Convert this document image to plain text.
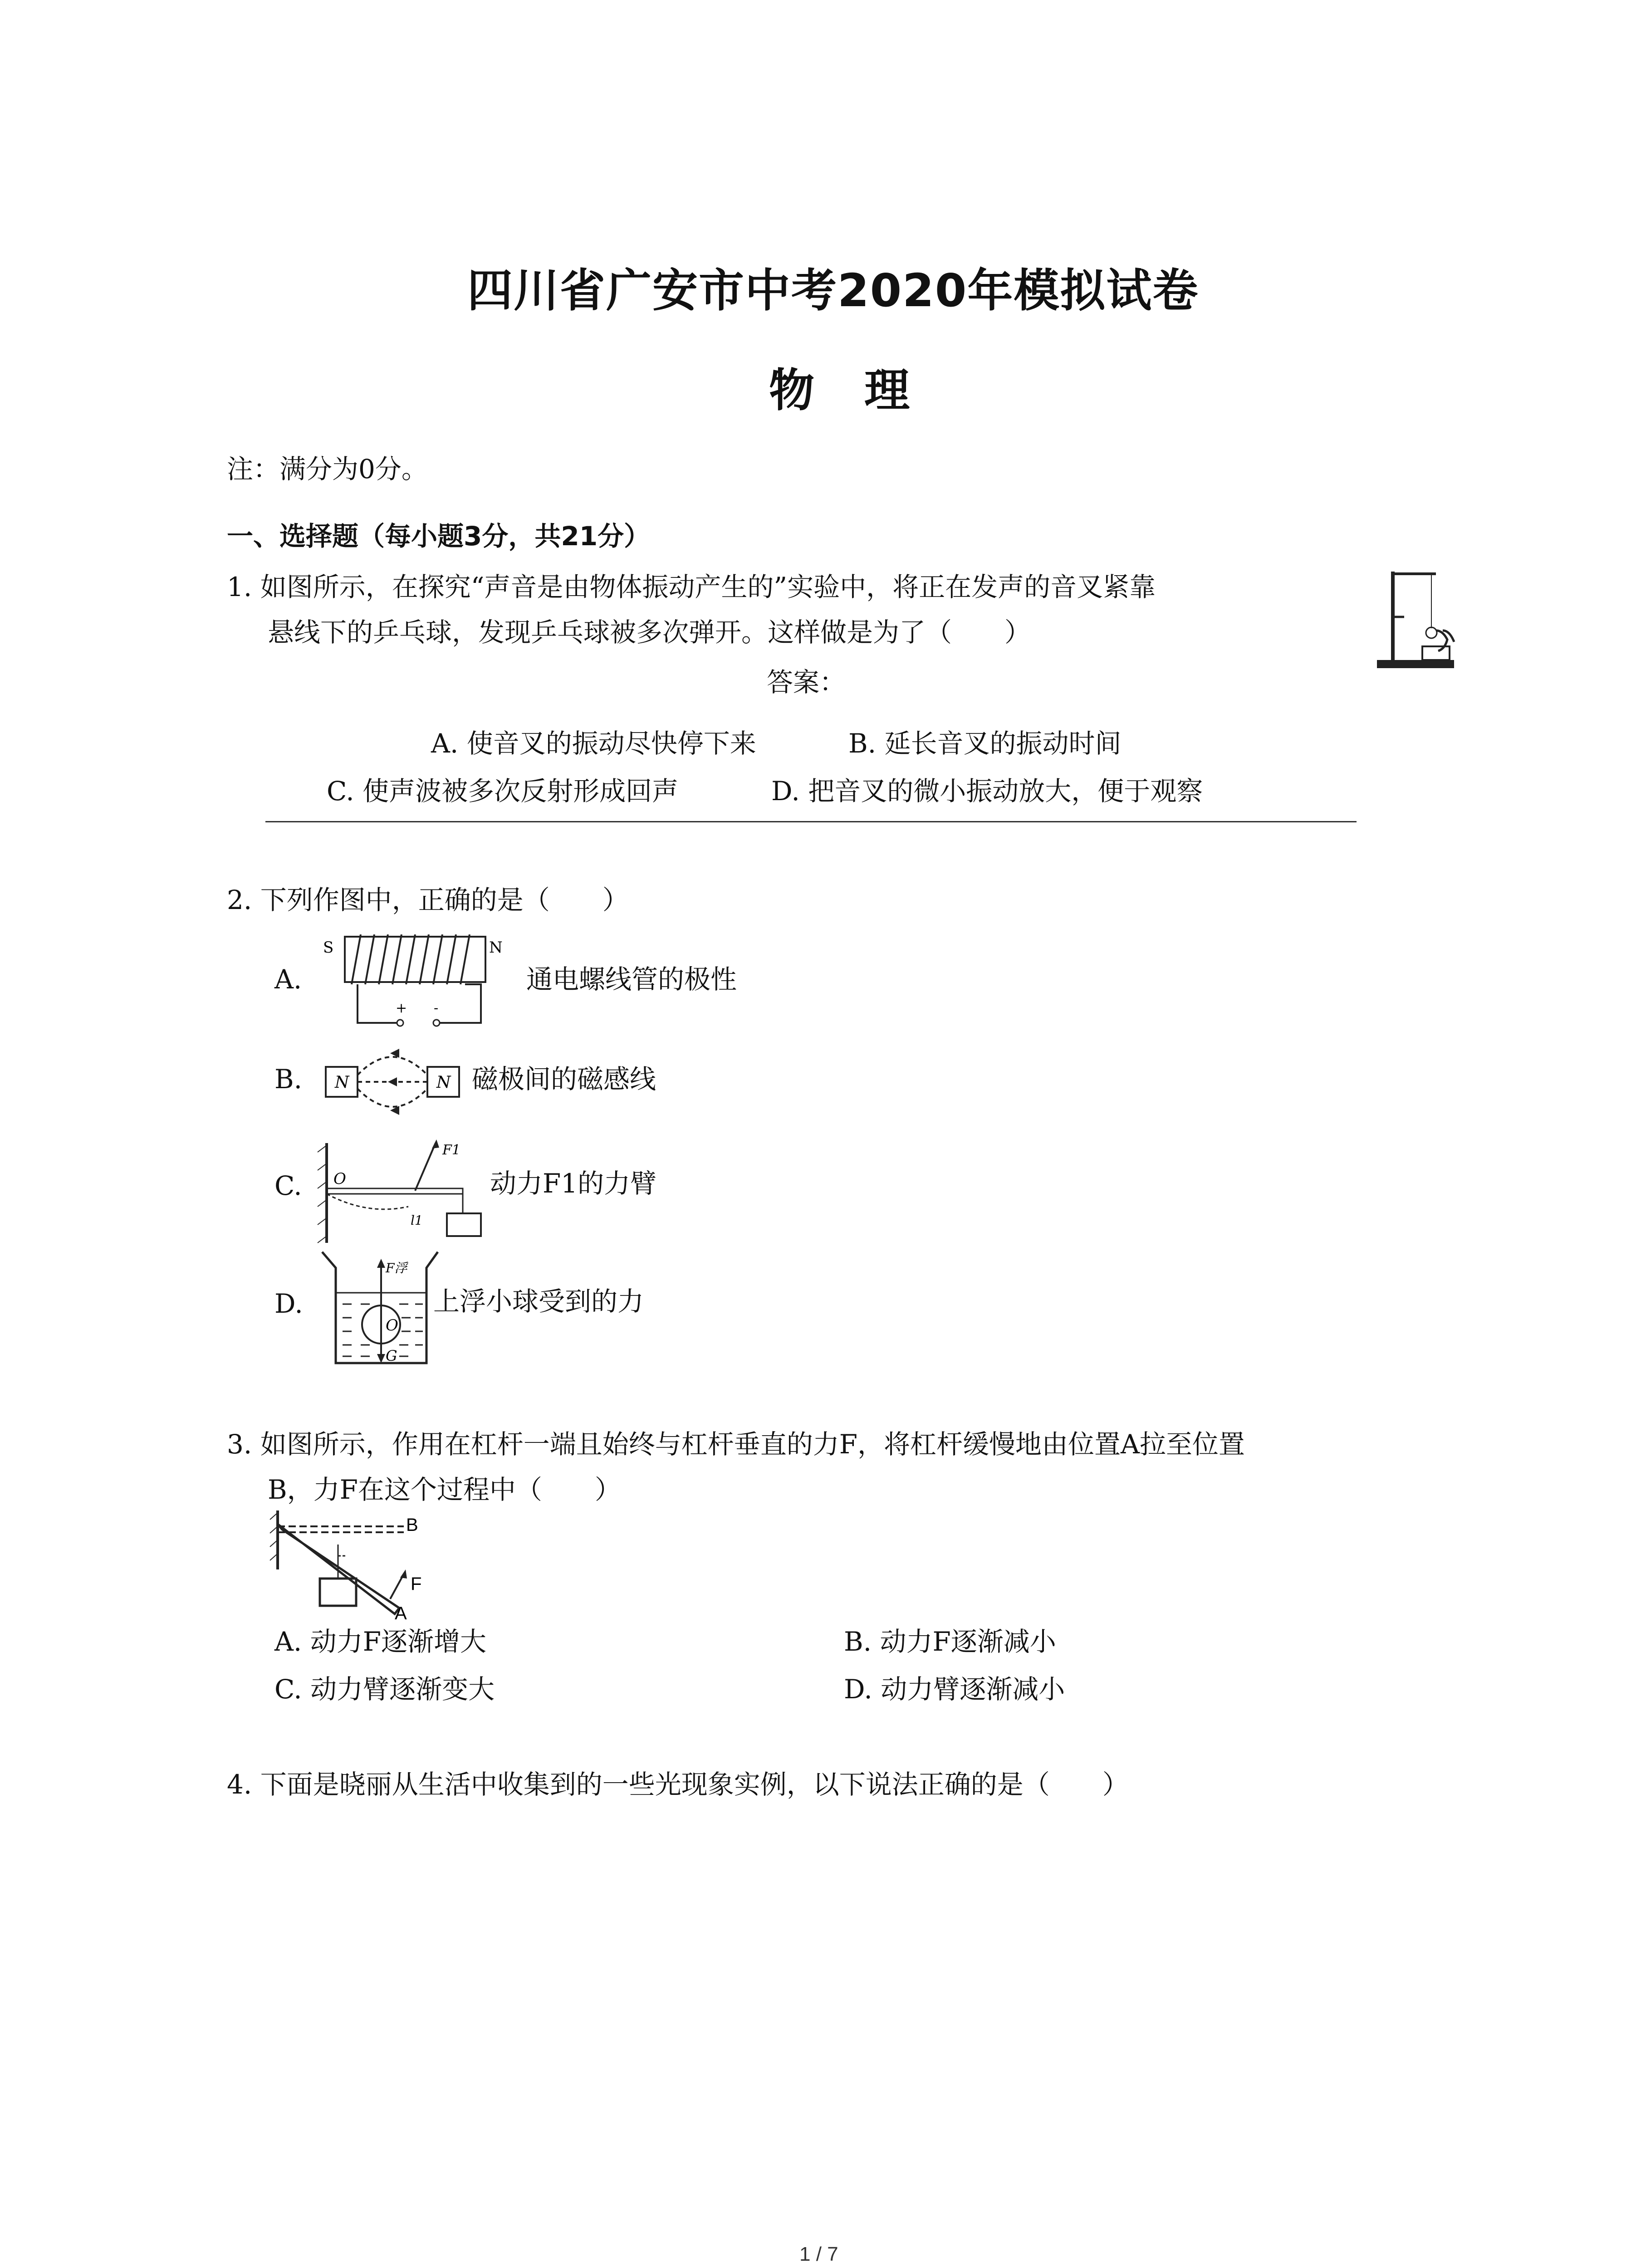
四川省广安市中考2020年模拟试卷
物理
注：满分为0分。
一、选择题（每小题3分，共21分）
1. 如图所示，在探究“声音是由物体振动产生的”实验中，将正在发声的音叉紧靠
悬线下的乒乓球，发现乒乓球被多次弹开。这样做是为了（　　）
答案：
A. 使音叉的振动尽快停下来	B. 延长音叉的振动时间
C. 使声波被多次反射形成回声	D. 把音叉的微小振动放大，便于观察
2. 下列作图中，正确的是（　　）
A.
S	N
+ -
通电螺线管的极性
B. N	N 磁极间的磁感线
C. O
F1
l1
动力F1的力臂
D.
F浮
O
G
上浮小球受到的力
3. 如图所示，作用在杠杆一端且始终与杠杆垂直的力F，将杠杆缓慢地由位置A拉至位置
B，力F在这个过程中（　　）
B
F
A
A. 动力F逐渐增大	B. 动力F逐渐减小
C. 动力臂逐渐变大	D. 动力臂逐渐减小
4. 下面是晓丽从生活中收集到的一些光现象实例，以下说法正确的是（　　）
1 / 7
